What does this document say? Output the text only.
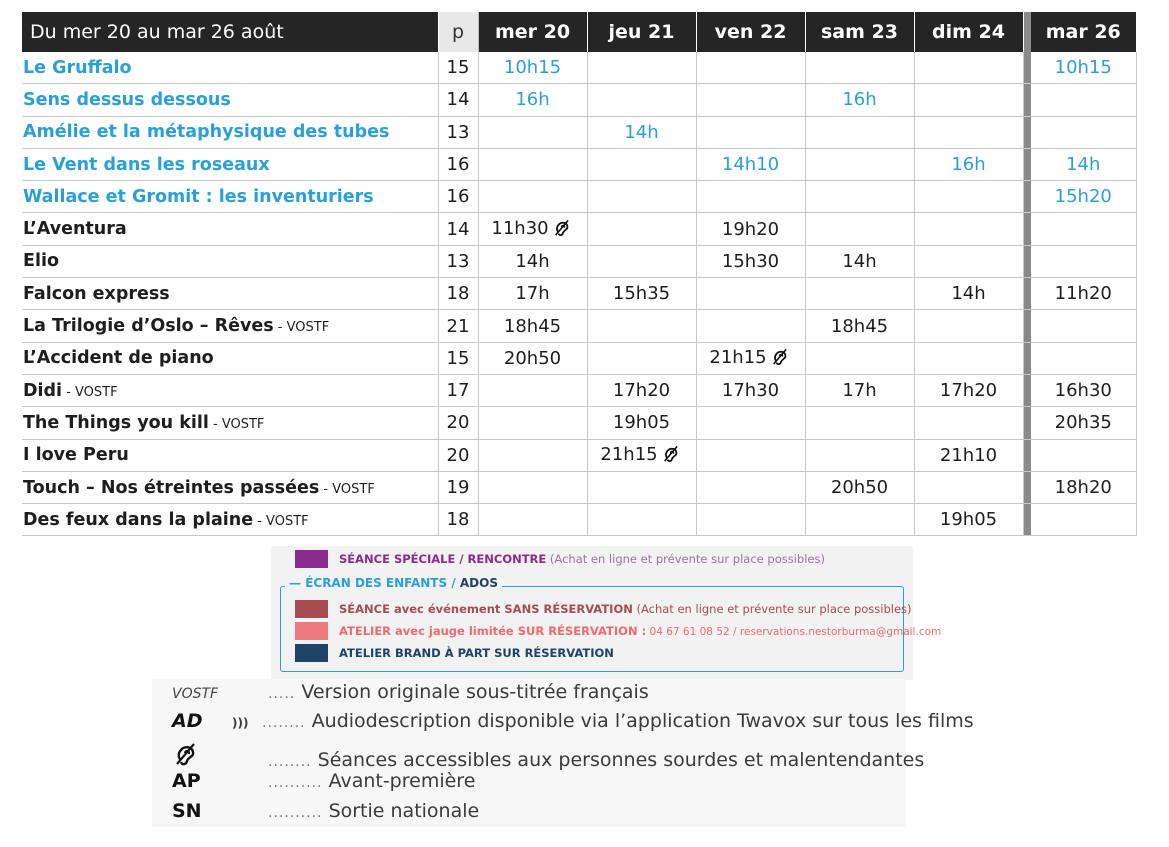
Du mer 20 au mar 26 août	p	mer 20	jeu 21	ven 22	sam 23	dim 24		mar 26
Le Gruffalo	15	10h15						10h15
Sens dessus dessous	14	16h			16h			
Amélie et la métaphysique des tubes	13		14h					
Le Vent dans les roseaux	16			14h10		16h		14h
Wallace et Gromit : les inventuriers	16							15h20
L’Aventura	14	11h30		19h20				
Elio	13	14h		15h30	14h			
Falcon express	18	17h	15h35			14h		11h20
La Trilogie d’Oslo – Rêves - VOSTF	21	18h45			18h45			
L’Accident de piano	15	20h50		21h15				
Didi - VOSTF	17		17h20	17h30	17h	17h20		16h30
The Things you kill - VOSTF	20		19h05					20h35
I love Peru	20		21h15			21h10		
Touch – Nos étreintes passées - VOSTF	19				20h50			18h20
Des feux dans la plaine - VOSTF	18					19h05		
SÉANCE SPÉCIALE / RENCONTRE (Achat en ligne et prévente sur place possibles)
— ÉCRAN DES ENFANTS / ADOS
SÉANCE avec événement SANS RÉSERVATION (Achat en ligne et prévente sur place possibles)
ATELIER avec jauge limitée SUR RÉSERVATION : 04 67 61 08 52 / reservations.nestorburma@gmail.com
ATELIER BRAND À PART SUR RÉSERVATION
VOSTF	..... Version originale sous-titrée français
AD ))) ........ Audiodescription disponible via l’application Twavox sur tous les films
........ Séances accessibles aux personnes sourdes et malentendantes
AP	.......... Avant-première
SN	.......... Sortie nationale
